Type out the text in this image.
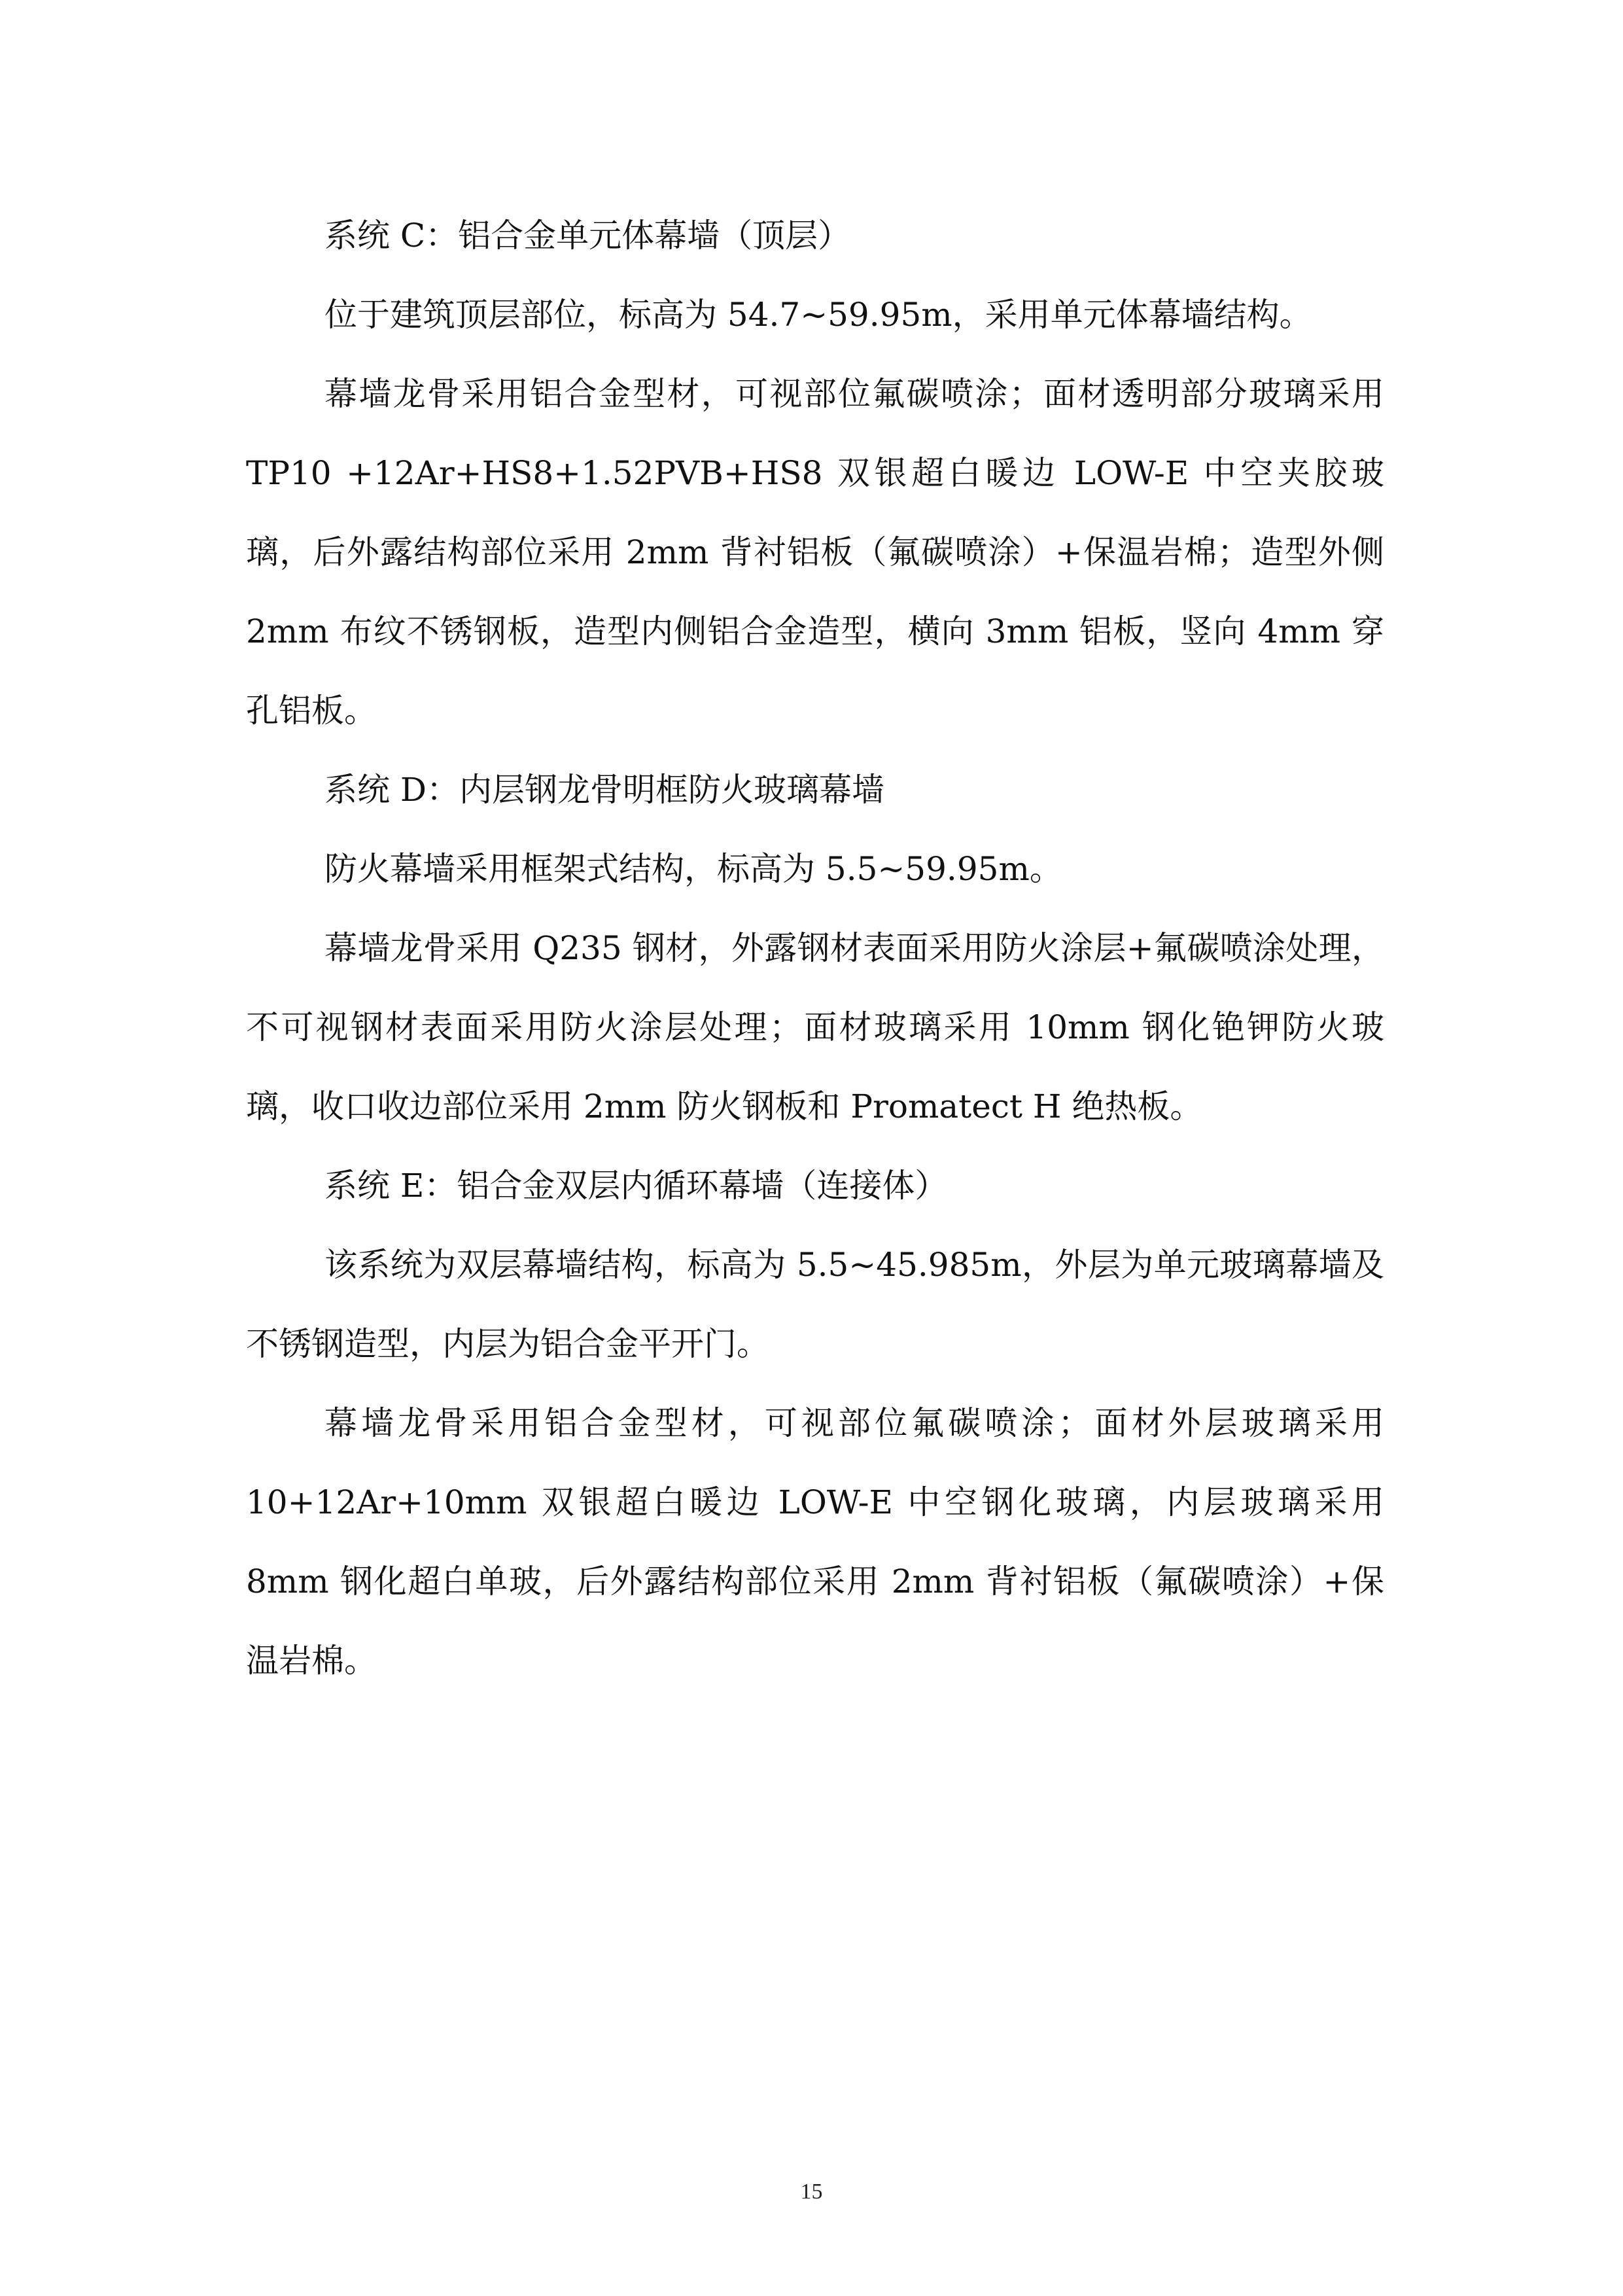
系统 C：铝合金单元体幕墙（顶层）

位于建筑顶层部位，标高为 54.7~59.95m，采用单元体幕墙结构。

幕墙龙骨采用铝合金型材，可视部位氟碳喷涂；面材透明部分玻璃采用 TP10 +12Ar+HS8+1.52PVB+HS8 双银超白暖边 LOW-E 中空夹胶玻璃，后外露结构部位采用 2mm 背衬铝板（氟碳喷涂）+保温岩棉；造型外侧 2mm 布纹不锈钢板，造型内侧铝合金造型，横向 3mm 铝板，竖向 4mm 穿孔铝板。

系统 D：内层钢龙骨明框防火玻璃幕墙

防火幕墙采用框架式结构，标高为 5.5~59.95m。

幕墙龙骨采用 Q235 钢材，外露钢材表面采用防火涂层+氟碳喷涂处理，不可视钢材表面采用防火涂层处理；面材玻璃采用 10mm 钢化铯钾防火玻璃，收口收边部位采用 2mm 防火钢板和 Promatect H 绝热板。

系统 E：铝合金双层内循环幕墙（连接体）

该系统为双层幕墙结构，标高为 5.5~45.985m，外层为单元玻璃幕墙及不锈钢造型，内层为铝合金平开门。

幕墙龙骨采用铝合金型材，可视部位氟碳喷涂；面材外层玻璃采用 10+12Ar+10mm 双银超白暖边 LOW-E 中空钢化玻璃，内层玻璃采用 8mm 钢化超白单玻，后外露结构部位采用 2mm 背衬铝板（氟碳喷涂）+保温岩棉。

15
